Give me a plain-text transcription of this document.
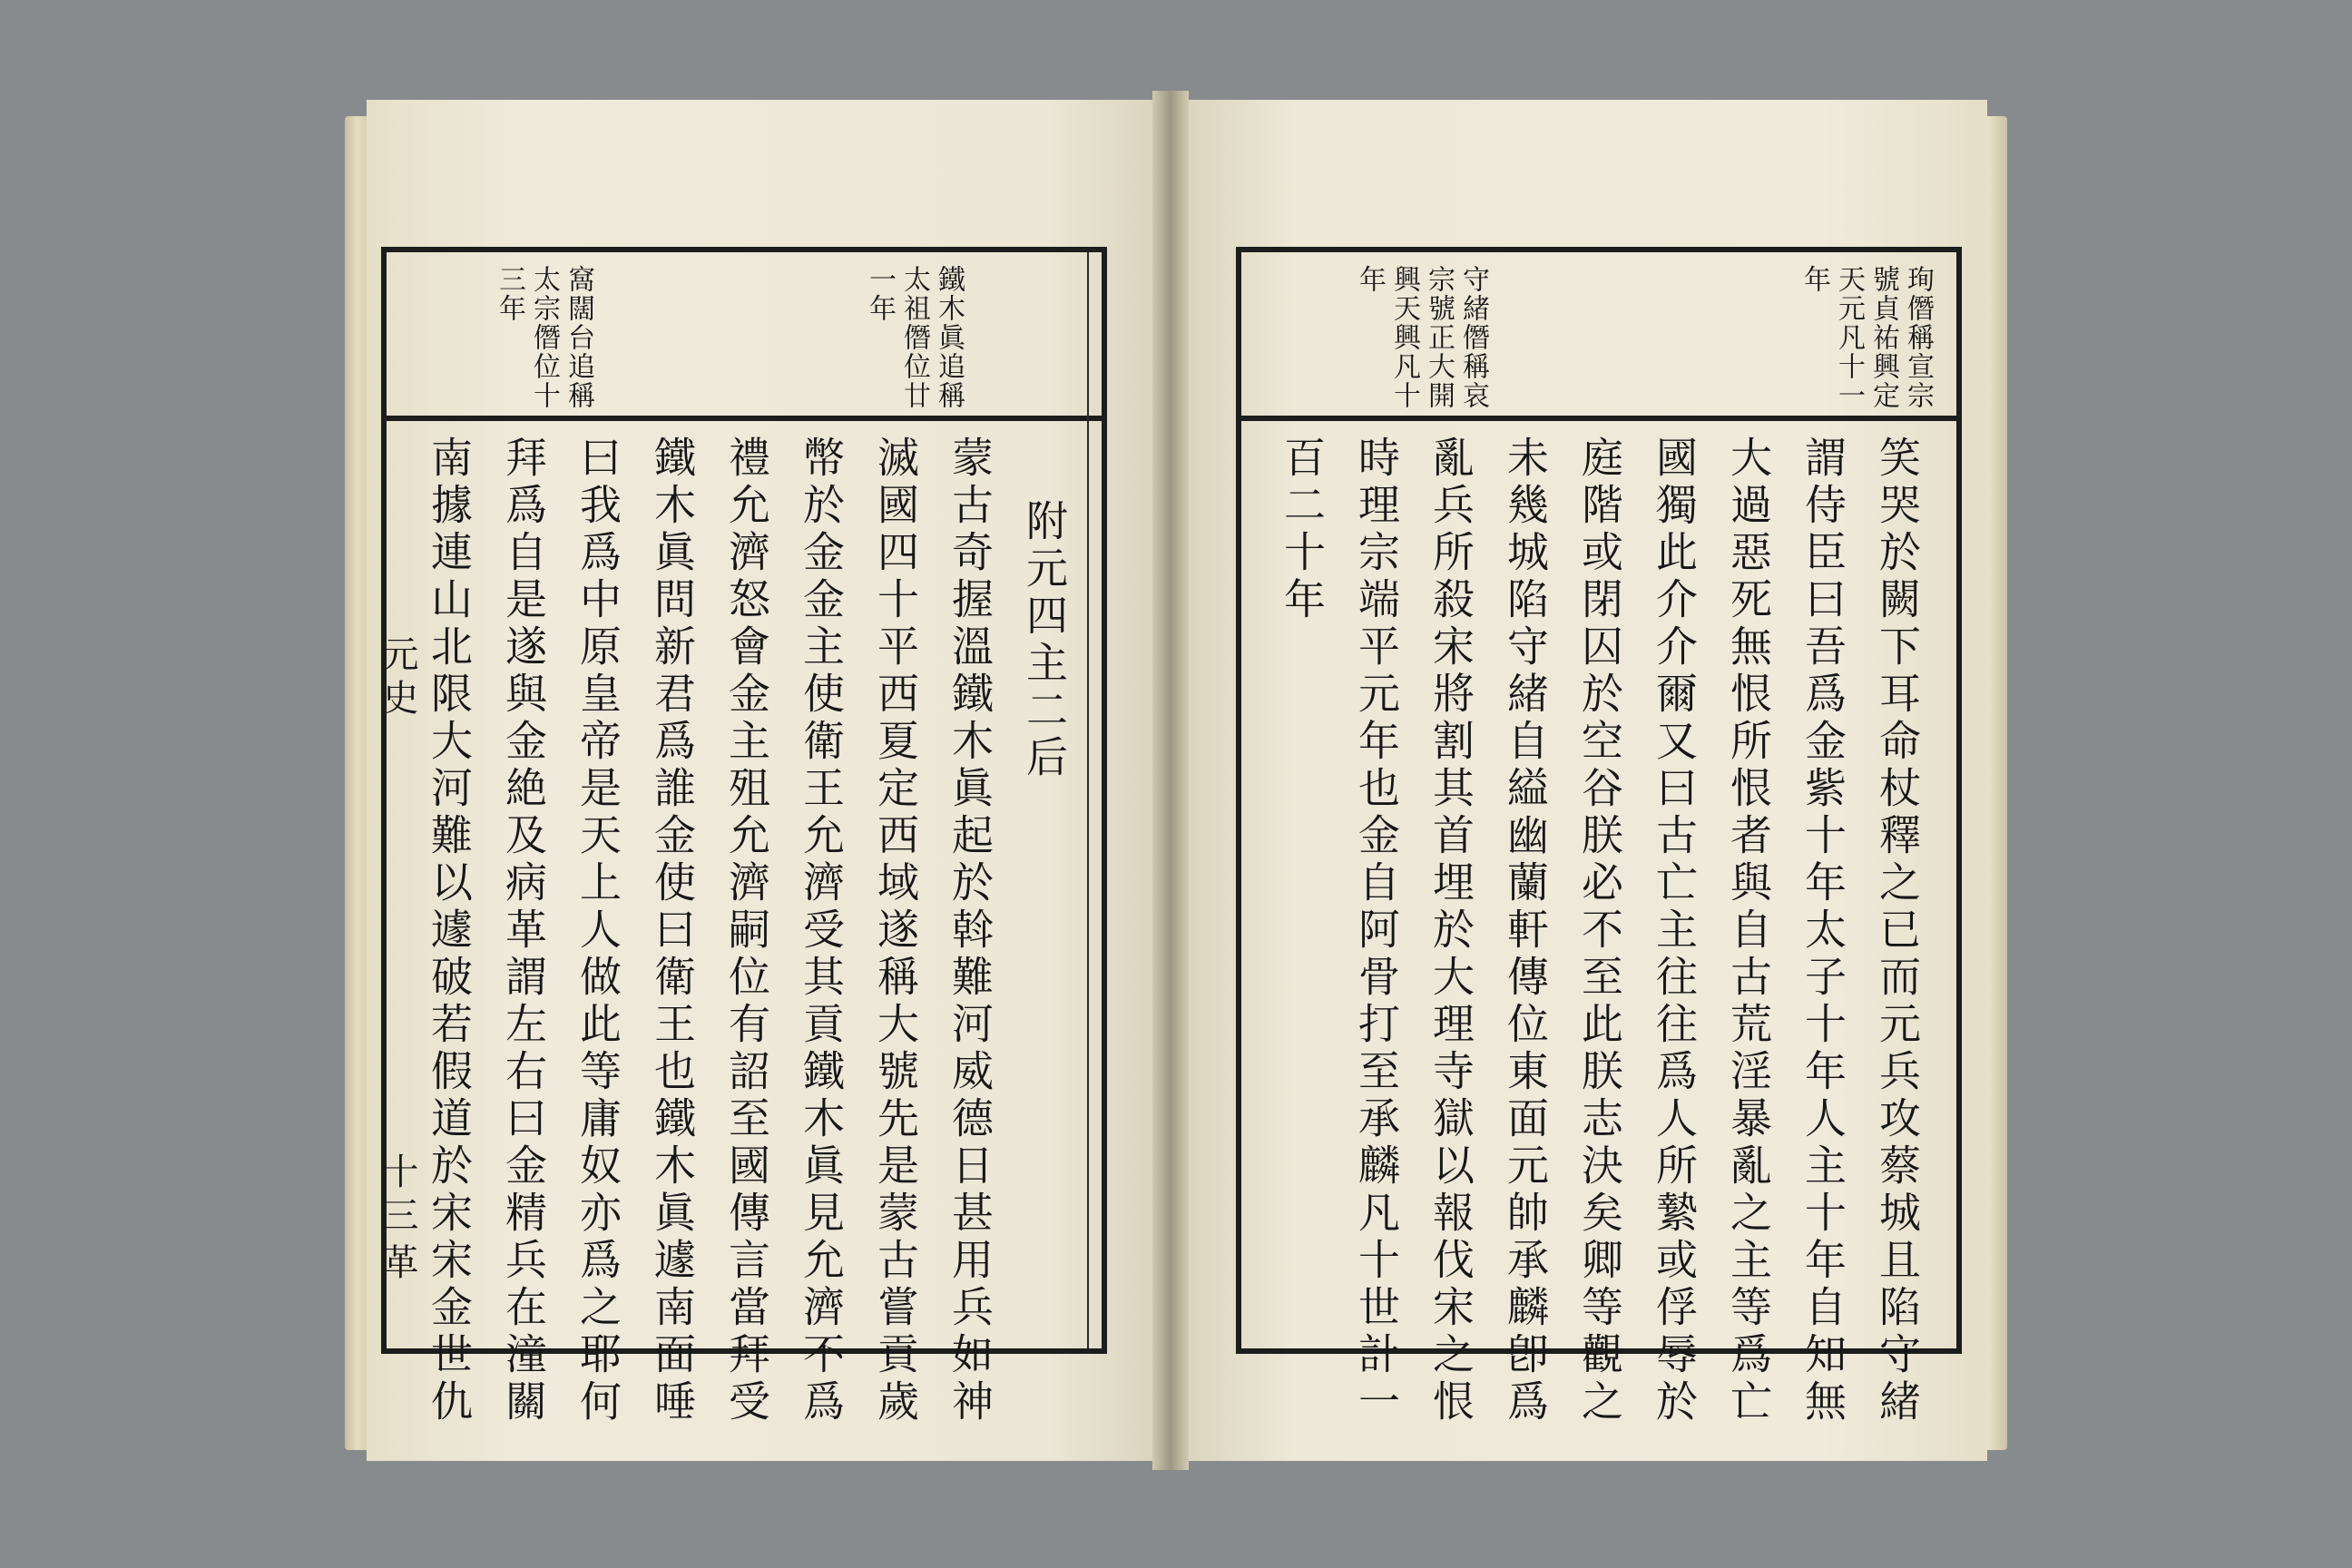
鐵木眞追稱
太祖僭位廿
一年
窩闊台追稱
太宗僭位十
三年
附元四主二后
蒙古奇握溫鐵木眞起於斡難河威德日甚用兵如神
滅國四十平西夏定西域遂稱大號先是蒙古嘗貢歲
幣於金金主使衛王允濟受其貢鐵木眞見允濟不爲
禮允濟怒會金主殂允濟嗣位有詔至國傳言當拜受
鐵木眞問新君爲誰金使曰衛王也鐵木眞遽南面唾
曰我爲中原皇帝是天上人做此等庸奴亦爲之耶何
拜爲自是遂與金絶及病革謂左右曰金精兵在潼關
南據連山北限大河難以遽破若假道於宋宋金世仇
元史
十三
革
珣僭稱宣宗
號貞祐興定
天元凡十一
年
守緒僭稱哀
宗號正大開
興天興凡十
年
笑哭於闕下耳命杖釋之已而元兵攻蔡城且陷守緒
謂侍臣曰吾爲金紫十年太子十年人主十年自知無
大過惡死無恨所恨者與自古荒淫暴亂之主等爲亡
國獨此介介爾又曰古亡主往往爲人所縶或俘辱於
庭階或閉囚於空谷朕必不至此朕志決矣卿等觀之
未幾城陷守緒自縊幽蘭軒傳位東面元帥承麟卽爲
亂兵所殺宋將割其首埋於大理寺獄以報伐宋之恨
時理宗端平元年也金自阿骨打至承麟凡十世計一
百二十年
